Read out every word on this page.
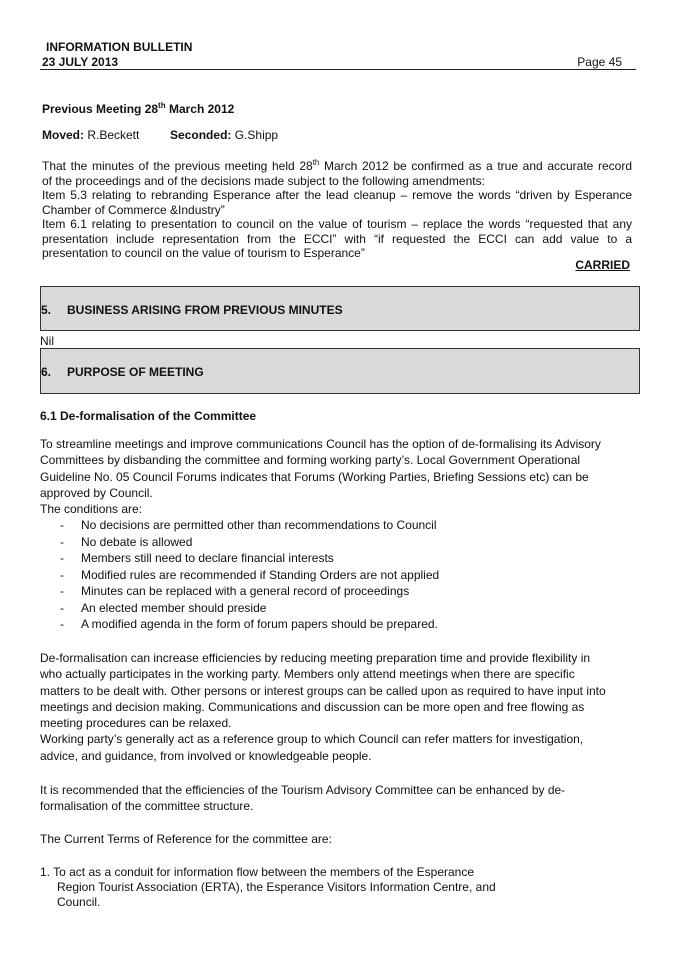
INFORMATION BULLETIN
23 JULY 2013	Page 45
Previous Meeting 28th March 2012
Moved: R.Beckett	Seconded: G.Shipp
That the minutes of the previous meeting held 28th March 2012 be confirmed as a true and accurate record
of the proceedings and of the decisions made subject to the following amendments:
Item 5.3 relating to rebranding Esperance after the lead cleanup – remove the words “driven by Esperance
Chamber of Commerce &Industry”
Item 6.1 relating to presentation to council on the value of tourism – replace the words “requested that any
presentation include representation from the ECCI” with “if requested the ECCI can add value to a
presentation to council on the value of tourism to Esperance”
CARRIED
5. BUSINESS ARISING FROM PREVIOUS MINUTES
Nil
6. PURPOSE OF MEETING
6.1 De-formalisation of the Committee
To streamline meetings and improve communications Council has the option of de-formalising its Advisory
Committees by disbanding the committee and forming working party’s. Local Government Operational
Guideline No. 05 Council Forums indicates that Forums (Working Parties, Briefing Sessions etc) can be
approved by Council.
The conditions are:
- No decisions are permitted other than recommendations to Council
- No debate is allowed
- Members still need to declare financial interests
- Modified rules are recommended if Standing Orders are not applied
- Minutes can be replaced with a general record of proceedings
- An elected member should preside
- A modified agenda in the form of forum papers should be prepared.
De-formalisation can increase efficiencies by reducing meeting preparation time and provide flexibility in
who actually participates in the working party. Members only attend meetings when there are specific
matters to be dealt with. Other persons or interest groups can be called upon as required to have input into
meetings and decision making. Communications and discussion can be more open and free flowing as
meeting procedures can be relaxed.
Working party’s generally act as a reference group to which Council can refer matters for investigation,
advice, and guidance, from involved or knowledgeable people.
It is recommended that the efficiencies of the Tourism Advisory Committee can be enhanced by de-
formalisation of the committee structure.
The Current Terms of Reference for the committee are:
1. To act as a conduit for information flow between the members of the Esperance
Region Tourist Association (ERTA), the Esperance Visitors Information Centre, and
Council.
